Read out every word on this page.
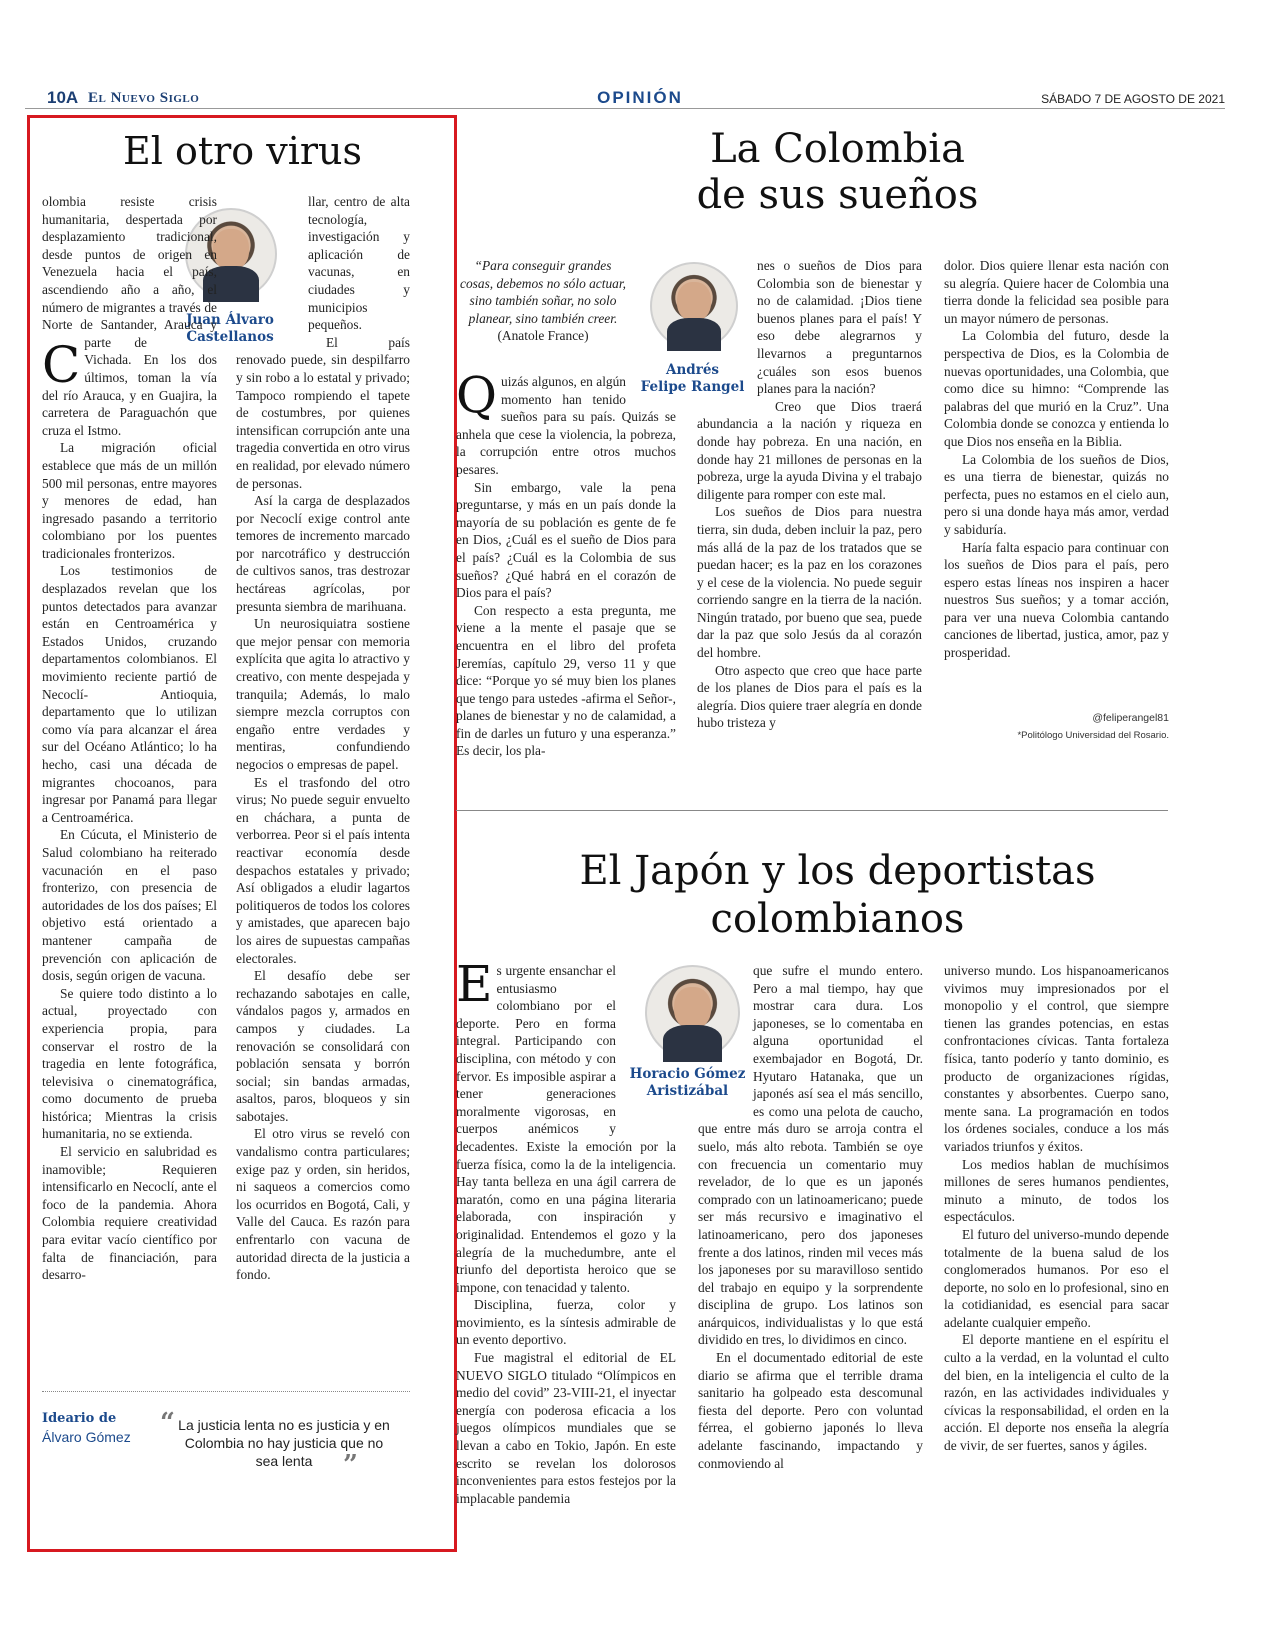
10A El Nuevo Siglo	OPINIÓN	SÁBADO 7 DE AGOSTO DE 2021
El otro virus
Juan Álvaro
Castellanos

C
olombia resiste crisis humanitaria, despertada por desplazamiento tradicional, desde puntos de origen en Venezuela hacia el país, ascendiendo año a año, el número de migrantes a través de Norte de Santander, Arauca y parte de Vichada. En los dos últimos, toman la vía del río Arauca, y en Guajira, la carretera de Paraguachón que cruza el Istmo.

La migración oficial establece que más de un millón 500 mil personas, entre mayores y menores de edad, han ingresado pasando a territorio colombiano por los puentes tradicionales fronterizos.

Los testimonios de desplazados revelan que los puntos detectados para avanzar están en Centroamérica y Estados Unidos, cruzando departamentos colombianos. El movimiento reciente partió de Necoclí- Antioquia, departamento que lo utilizan como vía para alcanzar el área sur del Océano Atlántico; lo ha hecho, casi una década de migrantes chocoanos, para ingresar por Panamá para llegar a Centroamérica.

En Cúcuta, el Ministerio de Salud colombiano ha reiterado vacunación en el paso fronterizo, con presencia de autoridades de los dos países; El objetivo está orientado a mantener campaña de prevención con aplicación de dosis, según origen de vacuna.

Se quiere todo distinto a lo actual, proyectado con experiencia propia, para conservar el rostro de la tragedia en lente fotográfica, televisiva o cinematográfica, como documento de prueba histórica; Mientras la crisis humanitaria, no se extienda.

El servicio en salubridad es inamovible; Requieren intensificarlo en Necoclí, ante el foco de la pandemia. Ahora Colombia requiere creatividad para evitar vacío científico por falta de financiación, para desarro-

llar, centro de alta tecnología, investigación y aplicación de vacunas, en ciudades y municipios pequeños.

El país renovado puede, sin despilfarro y sin robo a lo estatal y privado; Tampoco rompiendo el tapete de costumbres, por quienes intensifican corrupción ante una tragedia convertida en otro virus en realidad, por elevado número de personas.

Así la carga de desplazados por Necoclí exige control ante temores de incremento marcado por narcotráfico y destrucción de cultivos sanos, tras destrozar hectáreas agrícolas, por presunta siembra de marihuana.

Un neurosiquiatra sostiene que mejor pensar con memoria explícita que agita lo atractivo y creativo, con mente despejada y tranquila; Además, lo malo siempre mezcla corruptos con engaño entre verdades y mentiras, confundiendo negocios o empresas de papel.

Es el trasfondo del otro virus; No puede seguir envuelto en cháchara, a punta de verborrea. Peor si el país intenta reactivar economía desde despachos estatales y privado; Así obligados a eludir lagartos politiqueros de todos los colores y amistades, que aparecen bajo los aires de supuestas campañas electorales.

El desafío debe ser rechazando sabotajes en calle, vándalos pagos y, armados en campos y ciudades. La renovación se consolidará con población sensata y borrón social; sin bandas armadas, asaltos, paros, bloqueos y sin sabotajes.

El otro virus se reveló con vandalismo contra particulares; exige paz y orden, sin heridos, ni saqueos a comercios como los ocurridos en Bogotá, Cali, y Valle del Cauca. Es razón para enfrentarlo con vacuna de autoridad directa de la justicia a fondo.

Ideario de
Álvaro Gómez “ La justicia lenta no es justicia y en Colombia no hay justicia que no sea lenta	”
La Colombia
de sus sueños
“Para conseguir grandes cosas, debemos no sólo actuar, sino también soñar, no solo planear, sino también creer. (Anatole France)
Andrés
Felipe Rangel

Quizás algunos, en algún momento han tenido sueños para su país. Quizás se anhela que cese la violencia, la pobreza, la corrupción entre otros muchos pesares.

Sin embargo, vale la pena preguntarse, y más en un país donde la mayoría de su población es gente de fe en Dios, ¿Cuál es el sueño de Dios para el país? ¿Cuál es la Colombia de sus sueños? ¿Qué habrá en el corazón de Dios para el país?

Con respecto a esta pregunta, me viene a la mente el pasaje que se encuentra en el libro del profeta Jeremías, capítulo 29, verso 11 y que dice: “Porque yo sé muy bien los planes que tengo para ustedes -afirma el Señor-, planes de bienestar y no de calamidad, a fin de darles un futuro y una esperanza.” Es decir, los pla-

nes o sueños de Dios para Colombia son de bienestar y no de calamidad. ¡Dios tiene buenos planes para el país! Y eso debe alegrarnos y llevarnos a preguntarnos ¿cuáles son esos buenos planes para la nación?

Creo que Dios traerá abundancia a la nación y riqueza en donde hay pobreza. En una nación, en donde hay 21 millones de personas en la pobreza, urge la ayuda Divina y el trabajo diligente para romper con este mal.

Los sueños de Dios para nuestra tierra, sin duda, deben incluir la paz, pero más allá de la paz de los tratados que se puedan hacer; es la paz en los corazones y el cese de la violencia. No puede seguir corriendo sangre en la tierra de la nación. Ningún tratado, por bueno que sea, puede dar la paz que solo Jesús da al corazón del hombre.

Otro aspecto que creo que hace parte de los planes de Dios para el país es la alegría. Dios quiere traer alegría en donde hubo tristeza y

dolor. Dios quiere llenar esta nación con su alegría. Quiere hacer de Colombia una tierra donde la felicidad sea posible para un mayor número de personas.

La Colombia del futuro, desde la perspectiva de Dios, es la Colombia de nuevas oportunidades, una Colombia, que como dice su himno: “Comprende las palabras del que murió en la Cruz”. Una Colombia donde se conozca y entienda lo que Dios nos enseña en la Biblia.

La Colombia de los sueños de Dios, es una tierra de bienestar, quizás no perfecta, pues no estamos en el cielo aun, pero si una donde haya más amor, verdad y sabiduría.

Haría falta espacio para continuar con los sueños de Dios para el país, pero espero estas líneas nos inspiren a hacer nuestros Sus sueños; y a tomar acción, para ver una nueva Colombia cantando canciones de libertad, justica, amor, paz y prosperidad.

@feliperangel81
*Politólogo Universidad del Rosario.
El Japón y los deportistas
colombianos
Horacio Gómez
Aristizábal

Es urgente ensanchar el entusiasmo colombiano por el deporte. Pero en forma integral. Participando con disciplina, con método y con fervor. Es imposible aspirar a tener generaciones moralmente vigorosas, en cuerpos anémicos y decadentes. Existe la emoción por la fuerza física, como la de la inteligencia. Hay tanta belleza en una ágil carrera de maratón, como en una página literaria elaborada, con inspiración y originalidad. Entendemos el gozo y la alegría de la muchedumbre, ante el triunfo del deportista heroico que se impone, con tenacidad y talento.

Disciplina, fuerza, color y movimiento, es la síntesis admirable de un evento deportivo.

Fue magistral el editorial de EL NUEVO SIGLO titulado “Olímpicos en medio del covid” 23-VIII-21, el inyectar energía con poderosa eficacia a los juegos olímpicos mundiales que se llevan a cabo en Tokio, Japón. En este escrito se revelan los dolorosos inconvenientes para estos festejos por la implacable pandemia

que sufre el mundo entero. Pero a mal tiempo, hay que mostrar cara dura. Los japoneses, se lo comentaba en alguna oportunidad el exembajador en Bogotá, Dr. Hyutaro Hatanaka, que un japonés así sea el más sencillo, es como una pelota de caucho, que entre más duro se arroja contra el suelo, más alto rebota. También se oye con frecuencia un comentario muy revelador, de lo que es un japonés comprado con un latinoamericano; puede ser más recursivo e imaginativo el latinoamericano, pero dos japoneses frente a dos latinos, rinden mil veces más los japoneses por su maravilloso sentido del trabajo en equipo y la sorprendente disciplina de grupo. Los latinos son anárquicos, individualistas y lo que está dividido en tres, lo dividimos en cinco.

En el documentado editorial de este diario se afirma que el terrible drama sanitario ha golpeado esta descomunal fiesta del deporte. Pero con voluntad férrea, el gobierno japonés lo lleva adelante fascinando, impactando y conmoviendo al

universo mundo. Los hispanoamericanos vivimos muy impresionados por el monopolio y el control, que siempre tienen las grandes potencias, en estas confrontaciones cívicas. Tanta fortaleza física, tanto poderío y tanto dominio, es producto de organizaciones rígidas, constantes y absorbentes. Cuerpo sano, mente sana. La programación en todos los órdenes sociales, conduce a los más variados triunfos y éxitos.

Los medios hablan de muchísimos millones de seres humanos pendientes, minuto a minuto, de todos los espectáculos.

El futuro del universo-mundo depende totalmente de la buena salud de los conglomerados humanos. Por eso el deporte, no solo en lo profesional, sino en la cotidianidad, es esencial para sacar adelante cualquier empeño.

El deporte mantiene en el espíritu el culto a la verdad, en la voluntad el culto del bien, en la inteligencia el culto de la razón, en las actividades individuales y cívicas la responsabilidad, el orden en la acción. El deporte nos enseña la alegría de vivir, de ser fuertes, sanos y ágiles.
